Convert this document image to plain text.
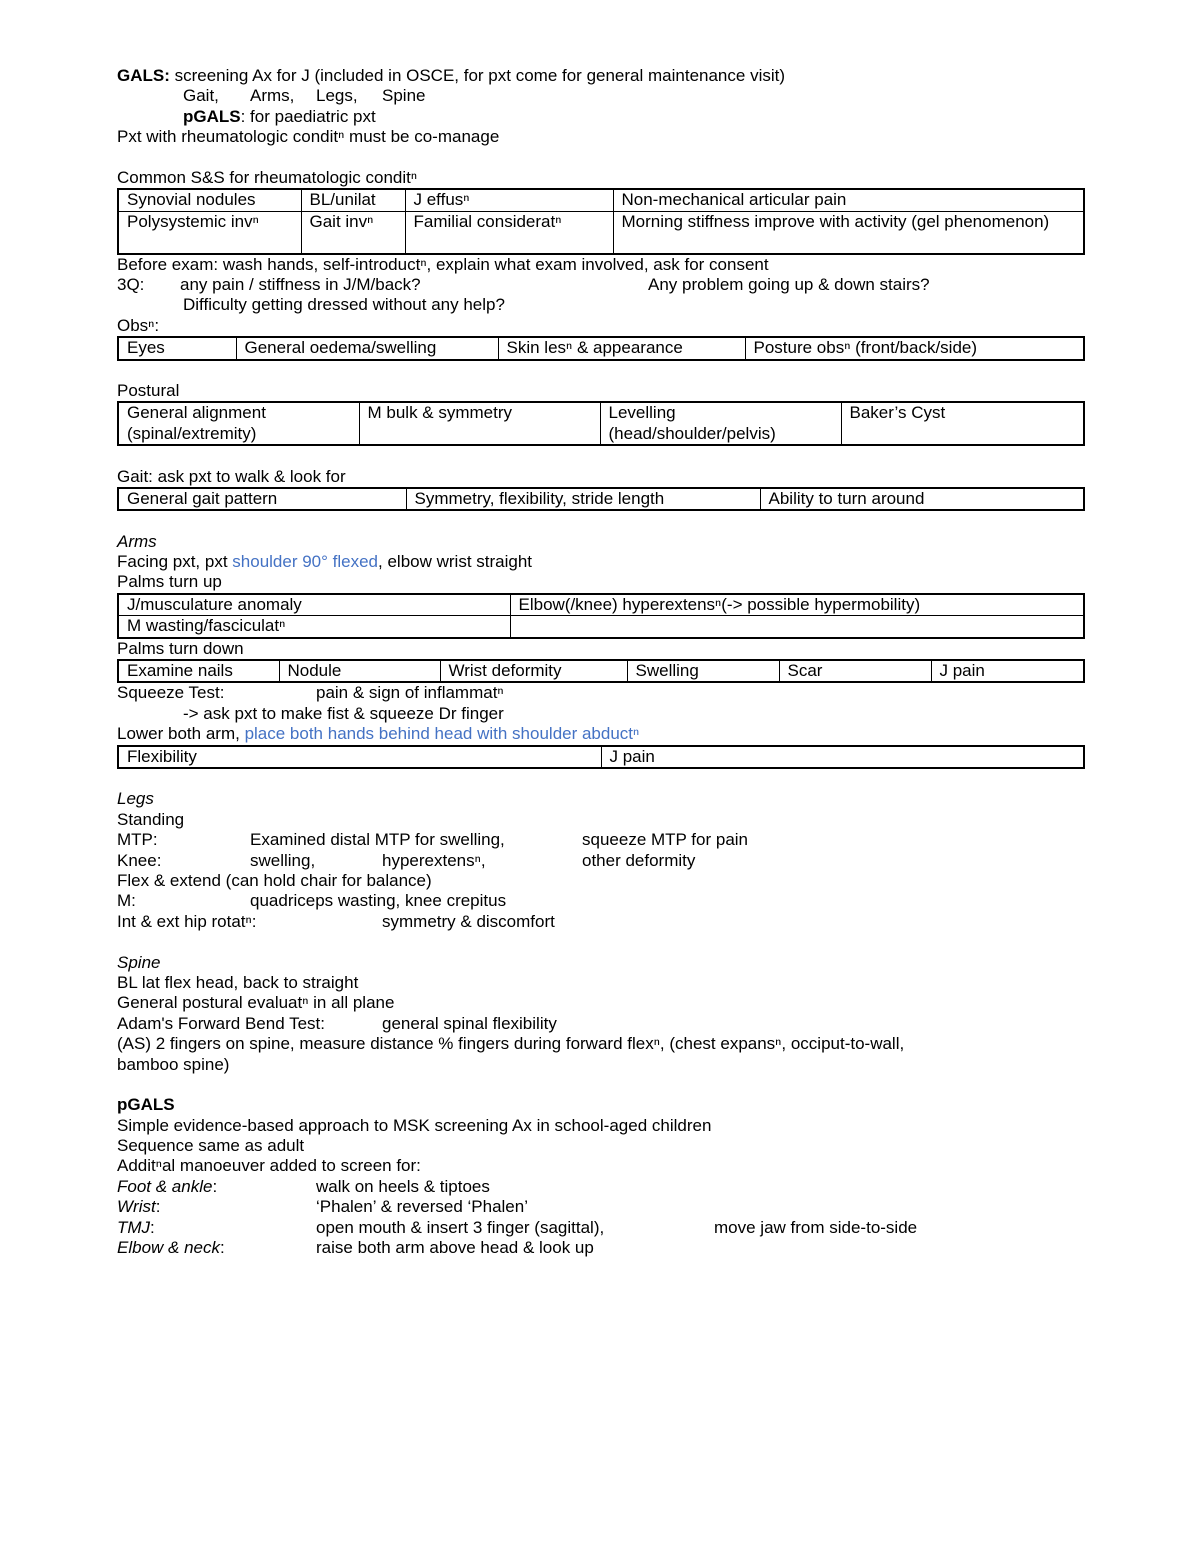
GALS: screening Ax for J (included in OSCE, for pxt come for general maintenance visit)
Gait, Arms, Legs, Spine
pGALS: for paediatric pxt
Pxt with rheumatologic conditⁿ must be co-manage
Common S&S for rheumatologic conditⁿ
Synovial nodules	BL/unilat	J effusⁿ	Non-mechanical articular pain
Polysystemic invⁿ	Gait invⁿ	Familial consideratⁿ	Morning stiffness improve with activity (gel phenomenon)
Before exam: wash hands, self-introductⁿ, explain what exam involved, ask for consent
3Q: any pain / stiffness in J/M/back?	Any problem going up & down stairs?
Difficulty getting dressed without any help?
Obsⁿ:
Eyes	General oedema/swelling	Skin lesⁿ & appearance	Posture obsⁿ (front/back/side)
Postural
General alignment (spinal/extremity)	M bulk & symmetry	Levelling (head/shoulder/pelvis)	Baker’s Cyst
Gait: ask pxt to walk & look for
General gait pattern	Symmetry, flexibility, stride length	Ability to turn around
Arms
Facing pxt, pxt shoulder 90° flexed, elbow wrist straight
Palms turn up
J/musculature anomaly	Elbow(/knee) hyperextensⁿ(-> possible hypermobility)
M wasting/fasciculatⁿ	
Palms turn down
Examine nails	Nodule	Wrist deformity	Swelling	Scar	J pain
Squeeze Test:	pain & sign of inflammatⁿ
-> ask pxt to make fist & squeeze Dr finger
Lower both arm, place both hands behind head with shoulder abductⁿ
Flexibility	J pain
Legs
Standing
MTP:	Examined distal MTP for swelling,	squeeze MTP for pain
Knee:	swelling,	hyperextensⁿ,	other deformity
Flex & extend (can hold chair for balance)
M:	quadriceps wasting, knee crepitus
Int & ext hip rotatⁿ:	symmetry & discomfort
Spine
BL lat flex head, back to straight
General postural evaluatⁿ in all plane
Adam's Forward Bend Test:	general spinal flexibility
(AS) 2 fingers on spine, measure distance % fingers during forward flexⁿ, (chest expansⁿ, occiput-to-wall,
bamboo spine)
pGALS
Simple evidence-based approach to MSK screening Ax in school-aged children
Sequence same as adult
Additⁿal manoeuver added to screen for:
Foot & ankle:	walk on heels & tiptoes
Wrist:	‘Phalen’ & reversed ‘Phalen’
TMJ:	open mouth & insert 3 finger (sagittal),	move jaw from side-to-side
Elbow & neck:	raise both arm above head & look up
